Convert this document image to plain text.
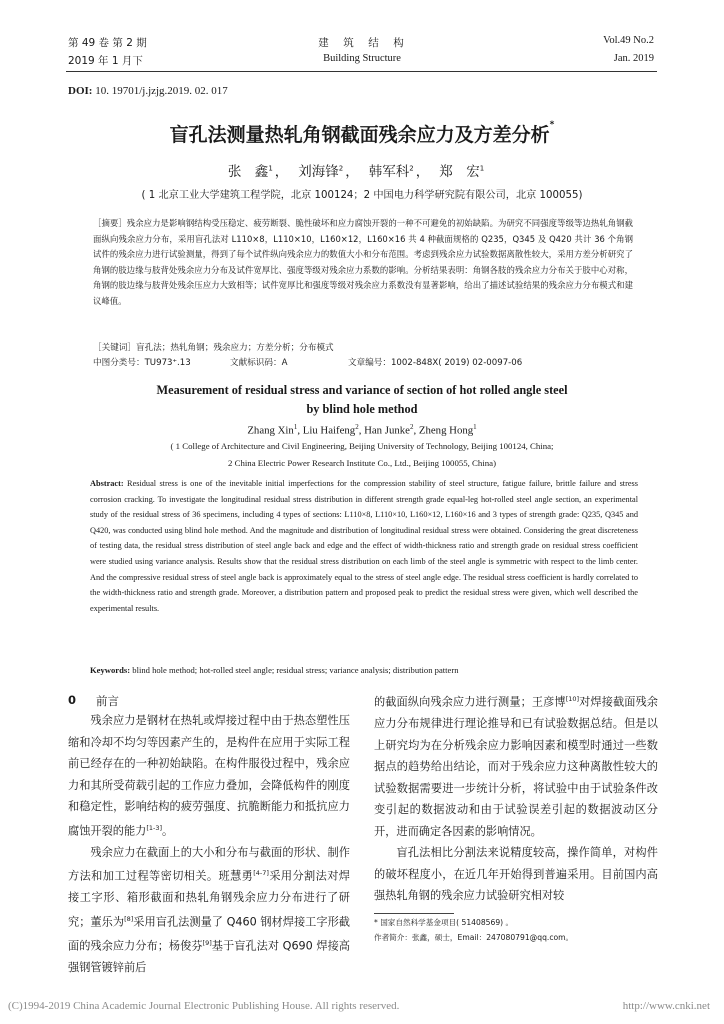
第 49 卷 第 2 期
2019 年 1 月下
建　筑　结　构
Building Structure
Vol.49 No.2
Jan. 2019
DOI: 10. 19701/j.jzjg.2019. 02. 017
盲孔法测量热轧角钢截面残余应力及方差分析*
张　鑫$^1$ ， 刘海锋$^2$ ， 韩军科$^2$ ， 郑　宏$^1$
( 1 北京工业大学建筑工程学院，北京 100124；2 中国电力科学研究院有限公司，北京 100055)
［摘要］残余应力是影响钢结构受压稳定、疲劳断裂、脆性破坏和应力腐蚀开裂的一种不可避免的初始缺陷。为研究不同强度等级等边热轧角钢截面纵向残余应力分布，采用盲孔法对 L110×8，L110×10，L160×12，L160×16 共 4 种截面规格的 Q235，Q345 及 Q420 共计 36 个角钢试件的残余应力进行试验测量，得到了每个试件纵向残余应力的数值大小和分布范围。考虑到残余应力试验数据离散性较大，采用方差分析研究了角钢的肢边缘与肢背处残余应力分布及试件宽厚比、强度等级对残余应力系数的影响。分析结果表明：角钢各肢的残余应力分布关于肢中心对称，角钢的肢边缘与肢背处残余压应力大致相等；试件宽厚比和强度等级对残余应力系数没有显著影响，给出了描述试验结果的残余应力分布模式和建议峰值。
［关键词］盲孔法；热轧角钢；残余应力；方差分析；分布模式
中图分类号：TU973⁺.13	文献标识码：A	文章编号：1002-848X( 2019) 02-0097-06
Measurement of residual stress and variance of section of hot rolled angle steel
by blind hole method
Zhang Xin$^1$, Liu Haifeng$^2$, Han Junke$^2$, Zheng Hong$^1$
( 1 College of Architecture and Civil Engineering, Beijing University of Technology, Beijing 100124, China;
2 China Electric Power Research Institute Co., Ltd., Beijing 100055, China)
Abstract: Residual stress is one of the inevitable initial imperfections for the compression stability of steel structure, fatigue failure, brittle failure and stress corrosion cracking. To investigate the longitudinal residual stress distribution in different strength grade equal-leg hot-rolled steel angle section, an experimental study of the residual stress of 36 specimens, including 4 types of sections: L110×8, L110×10, L160×12, L160×16 and 3 types of strength grade: Q235, Q345 and Q420, was conducted using blind hole method. And the magnitude and distribution of longitudinal residual stress were obtained. Considering the great discreteness of testing data, the residual stress distribution of steel angle back and edge and the effect of width-thickness ratio and strength grade on residual stress coefficient were studied using variance analysis. Results show that the residual stress distribution on each limb of the steel angle is symmetric with respect to the limb center. And the compressive residual stress of steel angle back is approximately equal to the stress of steel angle edge. The residual stress coefficient is hardly correlated to the width-thickness ratio and strength grade. Moreover, a distribution pattern and proposed peak to predict the residual stress were given, which well described the experimental results.
Keywords: blind hole method; hot-rolled steel angle; residual stress; variance analysis; distribution pattern
0 前言

残余应力是钢材在热轧或焊接过程中由于热态塑性压缩和冷却不均匀等因素产生的，是构件在应用于实际工程前已经存在的一种初始缺陷。在构件服役过程中，残余应力和其所受荷载引起的工作应力叠加，会降低构件的刚度和稳定性，影响结构的疲劳强度、抗脆断能力和抵抗应力腐蚀开裂的能力[1-3]。

残余应力在截面上的大小和分布与截面的形状、制作方法和加工过程等密切相关。班慧勇[4-7]采用分割法对焊接工字形、箱形截面和热轧角钢残余应力分布进行了研究；董乐为[8]采用盲孔法测量了 Q460 钢材焊接工字形截面的残余应力分布；杨俊芬[9]基于盲孔法对 Q690 焊接高强钢管镀锌前后

的截面纵向残余应力进行测量；王彦博[10]对焊接截面残余应力分布规律进行理论推导和已有试验数据总结。但是以上研究均为在分析残余应力影响因素和模型时通过一些数据点的趋势给出结论，而对于残余应力这种离散性较大的试验数据需要进一步统计分析，将试验中由于试验条件改变引起的数据波动和由于试验误差引起的数据波动区分开，进而确定各因素的影响情况。

盲孔法相比分割法来说精度较高，操作简单，对构件的破坏程度小，在近几年开始得到普遍采用。目前国内高强热轧角钢的残余应力试验研究相对较

* 国家自然科学基金项目( 51408569) 。
作者简介：张鑫，硕士，Email：247080791@qq.com。
(C)1994-2019 China Academic Journal Electronic Publishing House. All rights reserved.	http://www.cnki.net
